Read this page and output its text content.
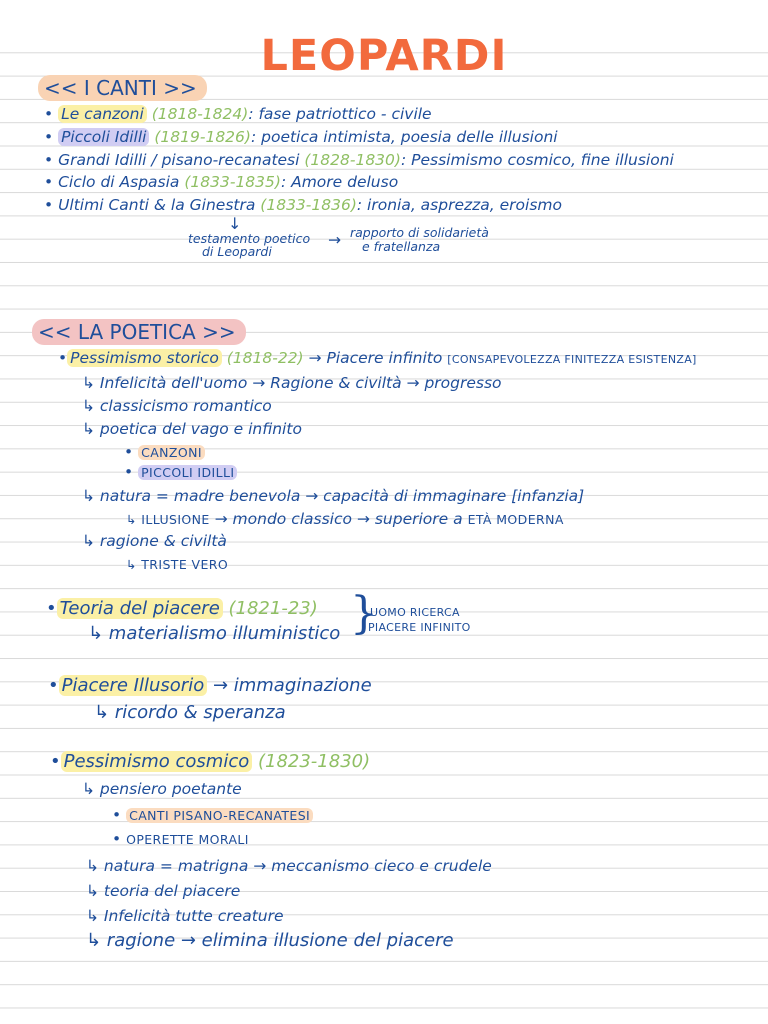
LEOPARDI
<< I CANTI >>
• Le canzoni (1818-1824): fase patriottico - civile
• Piccoli Idilli (1819-1826): poetica intimista, poesia delle illusioni
• Grandi Idilli / pisano-recanatesi (1828-1830): Pessimismo cosmico, fine illusioni
• Ciclo di Aspasia (1833-1835): Amore deluso
• Ultimi Canti & la Ginestra (1833-1836): ironia, asprezza, eroismo
↓
testamento poetico
di Leopardi
→ rapporto di solidarietà
e fratellanza
<< LA POETICA >>
• Pessimismo storico (1818-22) → Piacere infinito [CONSAPEVOLEZZA FINITEZZA ESISTENZA]
↳ Infelicità dell'uomo → Ragione & civiltà → progresso
↳ classicismo romantico
↳ poetica del vago e infinito
• CANZONI
• PICCOLI IDILLI
↳ natura = madre benevola → capacità di immaginare [infanzia]
↳ ILLUSIONE → mondo classico → superiore a ETÀ MODERNA
↳ ragione & civiltà
↳ TRISTE VERO
• Teoria del piacere (1821-23)
↳ materialismo illuministico }
UOMO RICERCA
PIACERE INFINITO
• Piacere Illusorio → immaginazione
↳ ricordo & speranza
• Pessimismo cosmico (1823-1830)
↳ pensiero poetante
• CANTI PISANO-RECANATESI
• OPERETTE MORALI
↳ natura = matrigna → meccanismo cieco e crudele
↳ teoria del piacere
↳ Infelicità tutte creature
↳ ragione → elimina illusione del piacere
